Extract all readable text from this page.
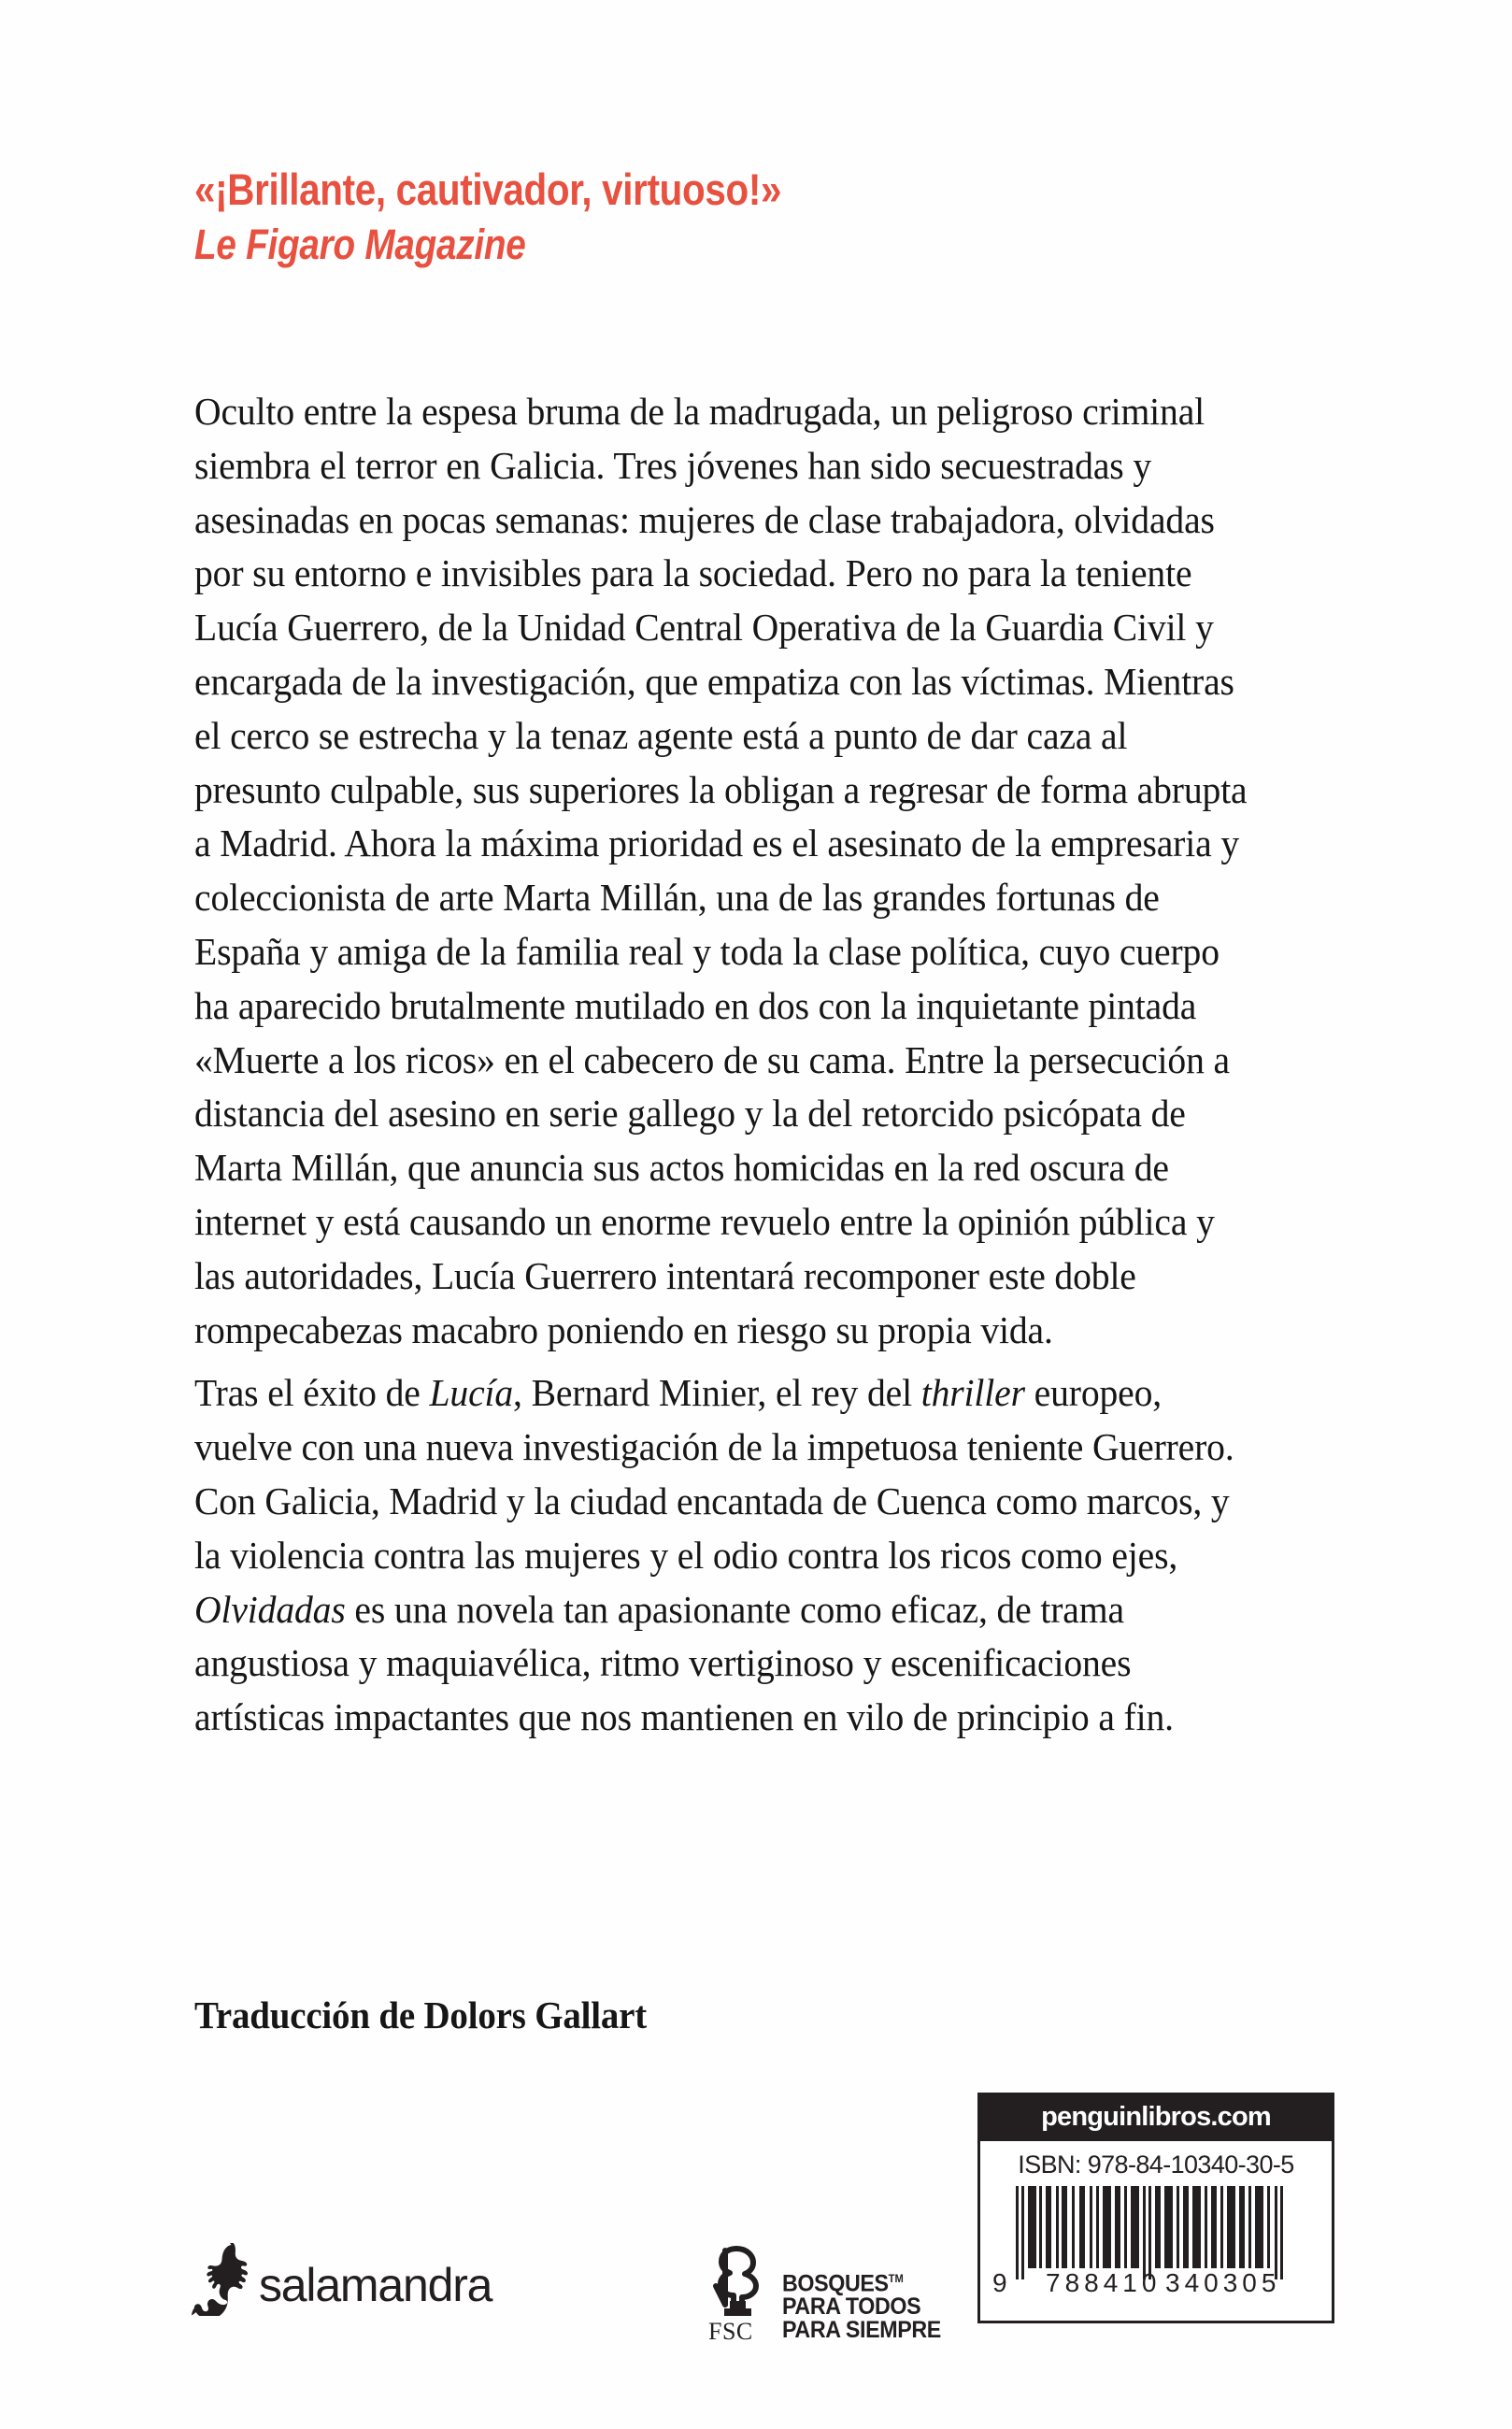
«¡Brillante, cautivador, virtuoso!»
Le Figaro Magazine

Oculto entre la espesa bruma de la madrugada, un peligroso criminal siembra el terror en Galicia. Tres jóvenes han sido secuestradas y asesinadas en pocas semanas: mujeres de clase trabajadora, olvidadas por su entorno e invisibles para la sociedad. Pero no para la teniente Lucía Guerrero, de la Unidad Central Operativa de la Guardia Civil y encargada de la investigación, que empatiza con las víctimas. Mientras el cerco se estrecha y la tenaz agente está a punto de dar caza al presunto culpable, sus superiores la obligan a regresar de forma abrupta a Madrid. Ahora la máxima prioridad es el asesinato de la empresaria y coleccionista de arte Marta Millán, una de las grandes fortunas de España y amiga de la familia real y toda la clase política, cuyo cuerpo ha aparecido brutalmente mutilado en dos con la inquietante pintada «Muerte a los ricos» en el cabecero de su cama. Entre la persecución a distancia del asesino en serie gallego y la del retorcido psicópata de Marta Millán, que anuncia sus actos homicidas en la red oscura de internet y está causando un enorme revuelo entre la opinión pública y las autoridades, Lucía Guerrero intentará recomponer este doble rompecabezas macabro poniendo en riesgo su propia vida.

Tras el éxito de Lucía, Bernard Minier, el rey del thriller europeo, vuelve con una nueva investigación de la impetuosa teniente Guerrero. Con Galicia, Madrid y la ciudad encantada de Cuenca como marcos, y la violencia contra las mujeres y el odio contra los ricos como ejes, Olvidadas es una novela tan apasionante como eficaz, de trama angustiosa y maquiavélica, ritmo vertiginoso y escenificaciones artísticas impactantes que nos mantienen en vilo de principio a fin.

Traducción de Dolors Gallart
salamandra
FSC
BOSQUES™
PARA TODOS
PARA SIEMPRE
penguinlibros.com
ISBN: 978-84-10340-30-5
9 788410 340305
